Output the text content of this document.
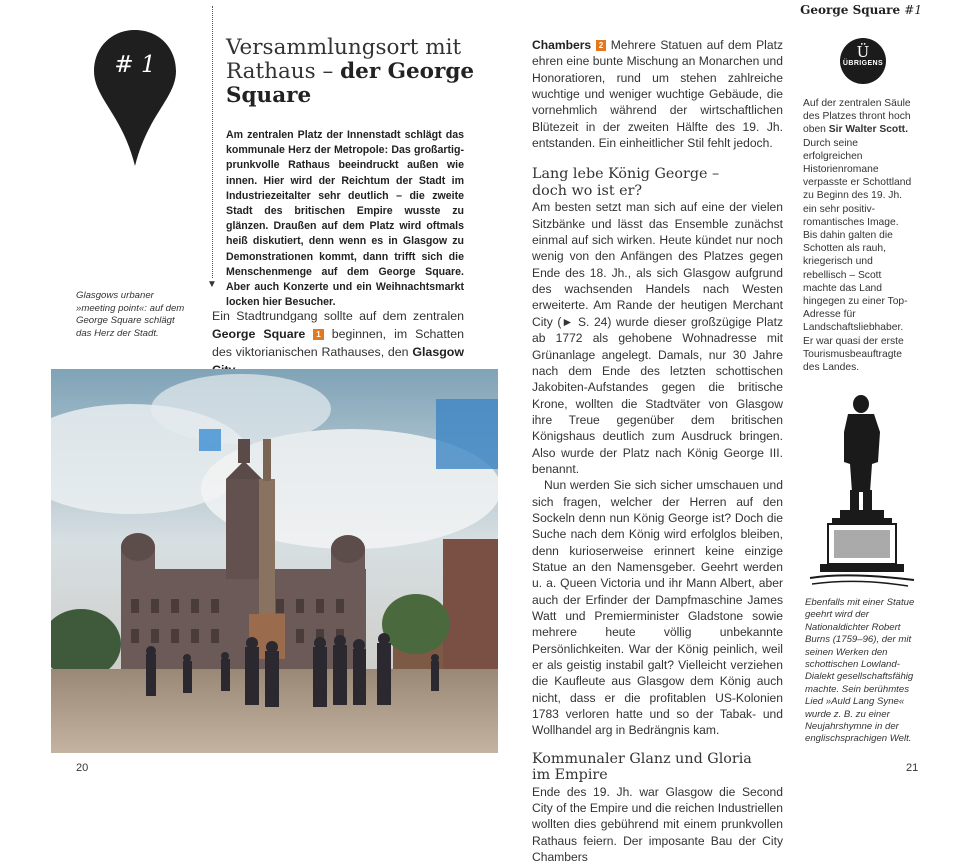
George Square #1
# 1
▼
Versammlungsort mit
Rathaus – der George
Square
Am zentralen Platz der Innenstadt schlägt das kommunale Herz der Metropole: Das großartig-prunkvolle Rathaus beeindruckt außen wie innen. Hier wird der Reichtum der Stadt im Industriezeitalter sehr deutlich – die zweite Stadt des britischen Empire wusste zu glänzen. Draußen auf dem Platz wird oftmals heiß diskutiert, denn wenn es in Glasgow zu Demonstrationen kommt, dann trifft sich die Menschenmenge auf dem George Square. Aber auch Konzerte und ein Weihnachtsmarkt locken hier Besucher.
Glasgows urbaner »meeting point«: auf dem George Square schlägt das Herz der Stadt.
Ein Stadtrundgang sollte auf dem zentralen George Square 1 beginnen, im Schatten des viktorianischen Rathauses, den Glasgow

Chambers 2 Mehrere Statuen auf dem Platz ehren eine bunte Mischung an Monarchen und Honoratioren, rund um stehen zahlreiche wuchtige und weniger wuchtige Gebäude, die vornehmlich während der wirtschaftlichen Blütezeit in der zweiten Hälfte des 19. Jh. entstanden. Ein einheitlicher Stil fehlt jedoch.

Lang lebe König George –
doch wo ist er?

Am besten setzt man sich auf eine der vielen Sitzbänke und lässt das Ensemble zunächst einmal auf sich wirken. Heute kündet nur noch wenig von den Anfängen des Platzes gegen Ende des 18. Jh., als sich Glasgow aufgrund des wachsenden Handels nach Westen erweiterte. Am Rande der heutigen Merchant City (► S. 24) wurde dieser großzügige Platz ab 1772 als gehobene Wohnadresse mit Grünanlage angelegt. Damals, nur 30 Jahre nach dem Ende des letzten schottischen Jakobiten-Aufstandes gegen die britische Krone, wollten die Stadtväter von Glasgow ihre Treue gegenüber dem britischen Königshaus deutlich zum Ausdruck bringen. Also wurde der Platz nach König George III. benannt.

Nun werden Sie sich sicher umschauen und sich fragen, welcher der Herren auf den Sockeln denn nun König George ist? Doch die Suche nach dem König wird erfolglos bleiben, denn kurioserweise erinnert keine einzige Statue an den Namensgeber. Geehrt werden u. a. Queen Victoria und ihr Mann Albert, aber auch der Erfinder der Dampfmaschine James Watt und Premierminister Gladstone sowie mehrere heute völlig unbekannte Persönlichkeiten. War der König peinlich, weil er als geistig instabil galt? Vielleicht verziehen die Kaufleute aus Glasgow dem König auch nicht, dass er die profitablen US-Kolonien 1783 verloren hatte und so der Tabak- und Wollhandel arg in Bedrängnis kam.

Kommunaler Glanz und Gloria
im Empire

Ende des 19. Jh. war Glasgow die Second City of the Empire und die reichen Industriellen wollten dies gebührend mit einem prunkvollen Rathaus feiern. Der imposante Bau der City Chambers

Ü
ÜBRIGENS
Auf der zentralen Säule des Platzes thront hoch oben Sir Walter Scott. Durch seine erfolgreichen Historienromane verpasste er Schottland zu Beginn des 19. Jh. ein sehr positiv-romantisches Image. Bis dahin galten die Schotten als rauh, kriegerisch und rebellisch – Scott machte das Land hingegen zu einer Top-Adresse für Landschaftsliebhaber. Er war quasi der erste Tourismusbeauftragte des Landes.
Ebenfalls mit einer Statue geehrt wird der Nationaldichter Robert Burns (1759–96), der mit seinen Werken den schottischen Lowland-Dialekt gesellschaftsfähig machte. Sein berühmtes Lied »Auld Lang Syne« wurde z. B. zu einer Neujahrshymne in der englischsprachigen Welt.
20	21
